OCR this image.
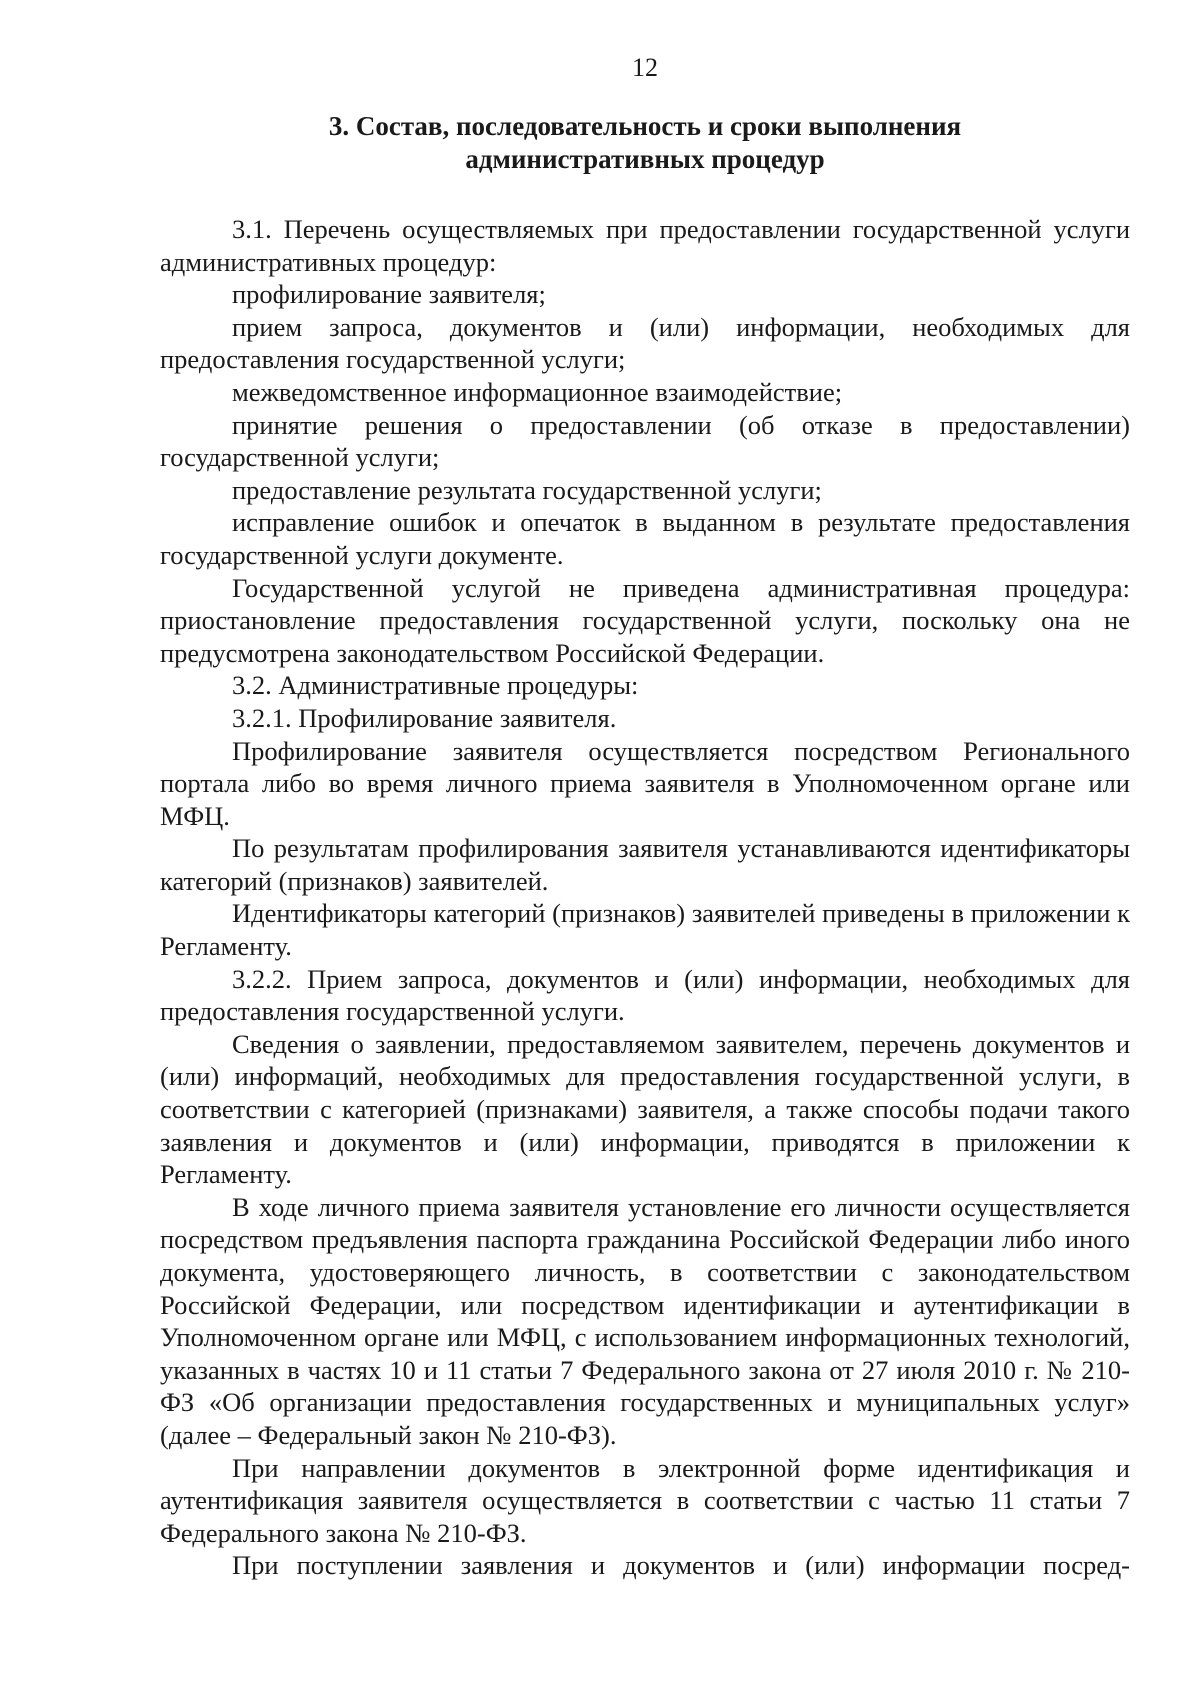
12
3. Состав, последовательность и сроки выполнения
административных процедур

3.1. Перечень осуществляемых при предоставлении государственной услуги административных процедур:

профилирование заявителя;

прием запроса, документов и (или) информации, необходимых для предоставления государственной услуги;

межведомственное информационное взаимодействие;

принятие решения о предоставлении (об отказе в предоставлении) государственной услуги;

предоставление результата государственной услуги;

исправление ошибок и опечаток в выданном в результате предоставления государственной услуги документе.

Государственной услугой не приведена административная процедура: приостановление предоставления государственной услуги, поскольку она не предусмотрена законодательством Российской Федерации.

3.2. Административные процедуры:

3.2.1. Профилирование заявителя.

Профилирование заявителя осуществляется посредством Регионального портала либо во время личного приема заявителя в Уполномоченном органе или МФЦ.

По результатам профилирования заявителя устанавливаются идентификаторы категорий (признаков) заявителей.

Идентификаторы категорий (признаков) заявителей приведены в приложении к Регламенту.

3.2.2. Прием запроса, документов и (или) информации, необходимых для предоставления государственной услуги.

Сведения о заявлении, предоставляемом заявителем, перечень документов и (или) информаций, необходимых для предоставления государственной услуги, в соответствии с категорией (признаками) заявителя, а также способы подачи такого заявления и документов и (или) информации, приводятся в приложении к Регламенту.

В ходе личного приема заявителя установление его личности осуществляется посредством предъявления паспорта гражданина Российской Федерации либо иного документа, удостоверяющего личность, в соответствии с законодательством Российской Федерации, или посредством идентификации и аутентификации в Уполномоченном органе или МФЦ, с использованием информационных технологий, указанных в частях 10 и 11 статьи 7 Федерального закона от 27 июля 2010 г. № 210-ФЗ «Об организации предоставления государственных и муниципальных услуг» (далее – Федеральный закон № 210-ФЗ).

При направлении документов в электронной форме идентификация и аутентификация заявителя осуществляется в соответствии с частью 11 статьи 7 Федерального закона № 210-ФЗ.

При поступлении заявления и документов и (или) информации посред-
